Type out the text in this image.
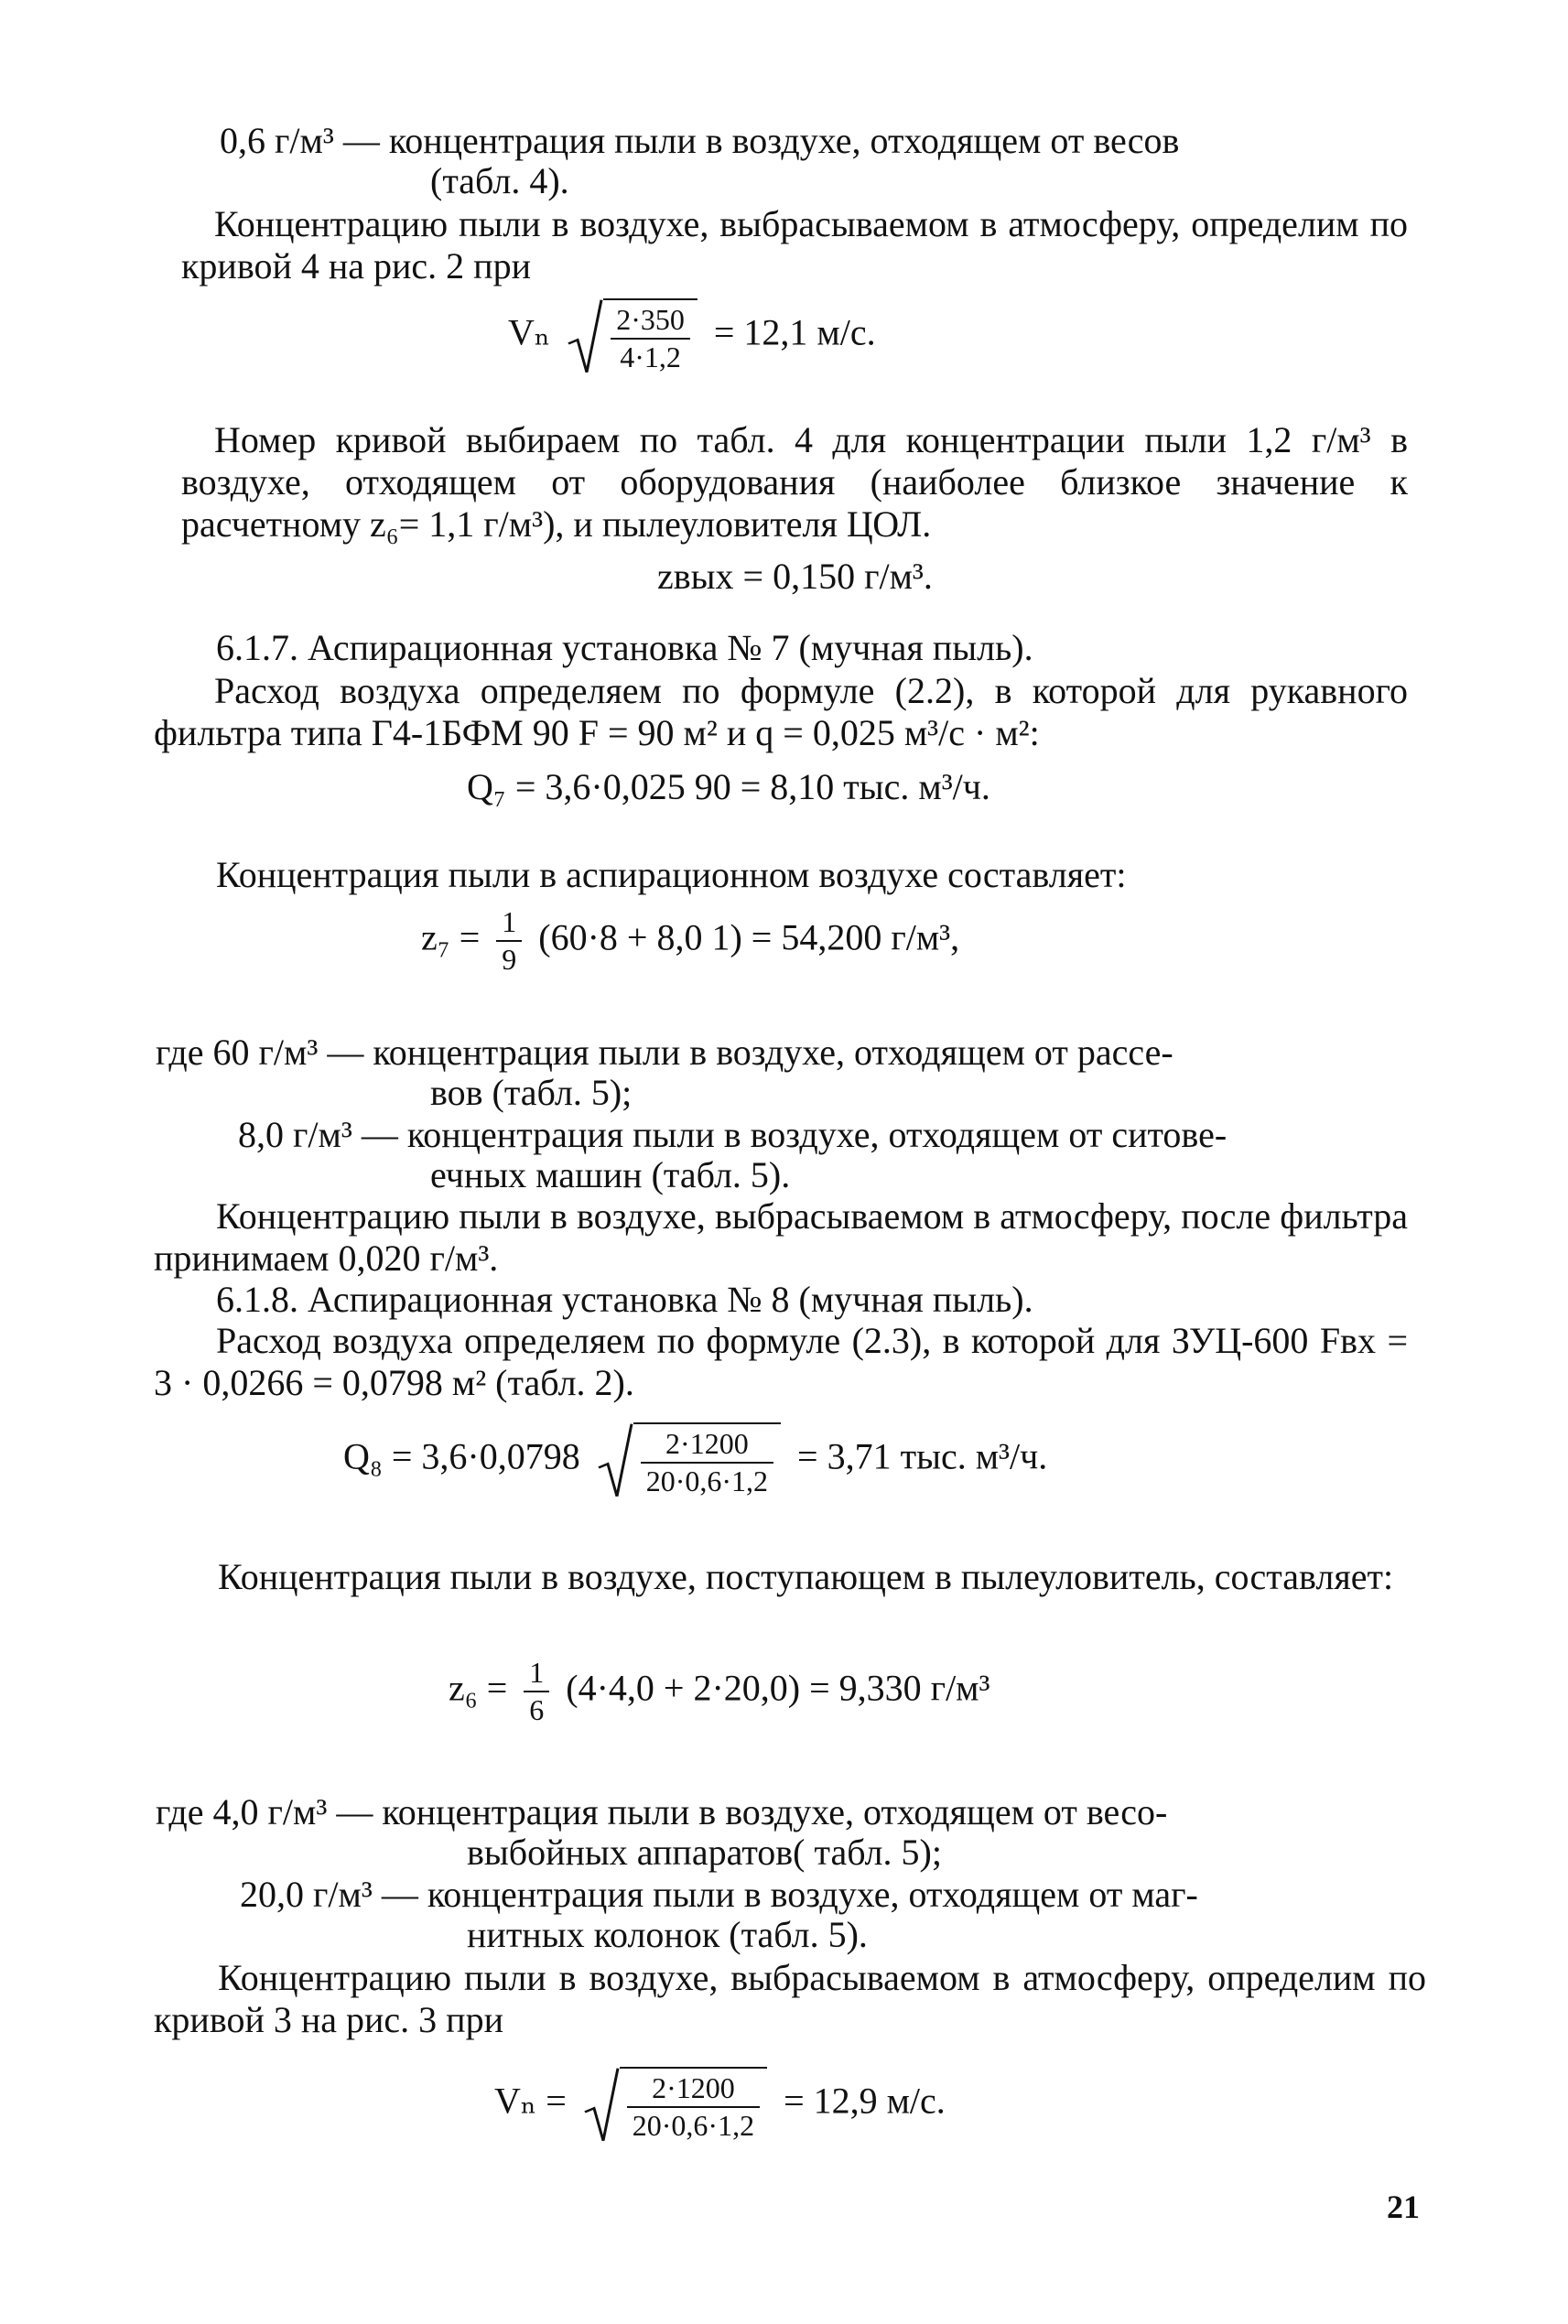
0,6 г/м³ — концентрация пыли в воздухе, отходящем от весов
(табл. 4).
Концентрацию пыли в воздухе, выбрасываемом в атмосферу, определим по кривой 4 на рис. 2 при
Vₙ $\frac{2\cdot 350}{4\cdot 1,2} = 12,1$ м/с.
Номер кривой выбираем по табл. 4 для концентрации пыли 1,2 г/м³ в воздухе, отходящем от оборудования (наиболее близкое значение к расчетному z₆= 1,1 г/м³), и пылеуловителя ЦОЛ.
zвых = 0,150 г/м³.
6.1.7. Аспирационная установка № 7 (мучная пыль).
Расход воздуха определяем по формуле (2.2), в которой для рукавного фильтра типа Г4-1БФМ 90 F = 90 м² и q = 0,025 м³/с · м²:
Q₇ = 3,6·0,025 90 = 8,10 тыс. м³/ч.
Концентрация пыли в аспирационном воздухе составляет:
$z_7 = \frac{1}{9} (60\cdot 8 + 8,0$ 1) = 54,200 г/м³,
где 60 г/м³ — концентрация пыли в воздухе, отходящем от рассе-
вов (табл. 5);
8,0 г/м³ — концентрация пыли в воздухе, отходящем от ситове-
ечных машин (табл. 5).
Концентрацию пыли в воздухе, выбрасываемом в атмосферу, после фильтра принимаем 0,020 г/м³.
6.1.8. Аспирационная установка № 8 (мучная пыль).
Расход воздуха определяем по формуле (2.3), в которой для ЗУЦ-600 Fвх = 3 · 0,0266 = 0,0798 м² (табл. 2).
$Q_8 = 3,6\cdot 0,0798 \frac{2\cdot 1200}{20\cdot 0,6\cdot 1,2} = 3,71$ тыс. м³/ч.
Концентрация пыли в воздухе, поступающем в пылеуловитель, составляет:
$z_6 = \frac{1}{6} (4\cdot 4,0 + 2\cdot 20,0) = 9,330$ г/м³
где 4,0 г/м³ — концентрация пыли в воздухе, отходящем от весо-
выбойных аппаратов( табл. 5);
20,0 г/м³ — концентрация пыли в воздухе, отходящем от маг-
нитных колонок (табл. 5).
Концентрацию пыли в воздухе, выбрасываемом в атмосферу, определим по кривой 3 на рис. 3 при
$V_n = \frac{2\cdot 1200}{20\cdot 0,6\cdot 1,2} = 12,9$ м/с.
21
